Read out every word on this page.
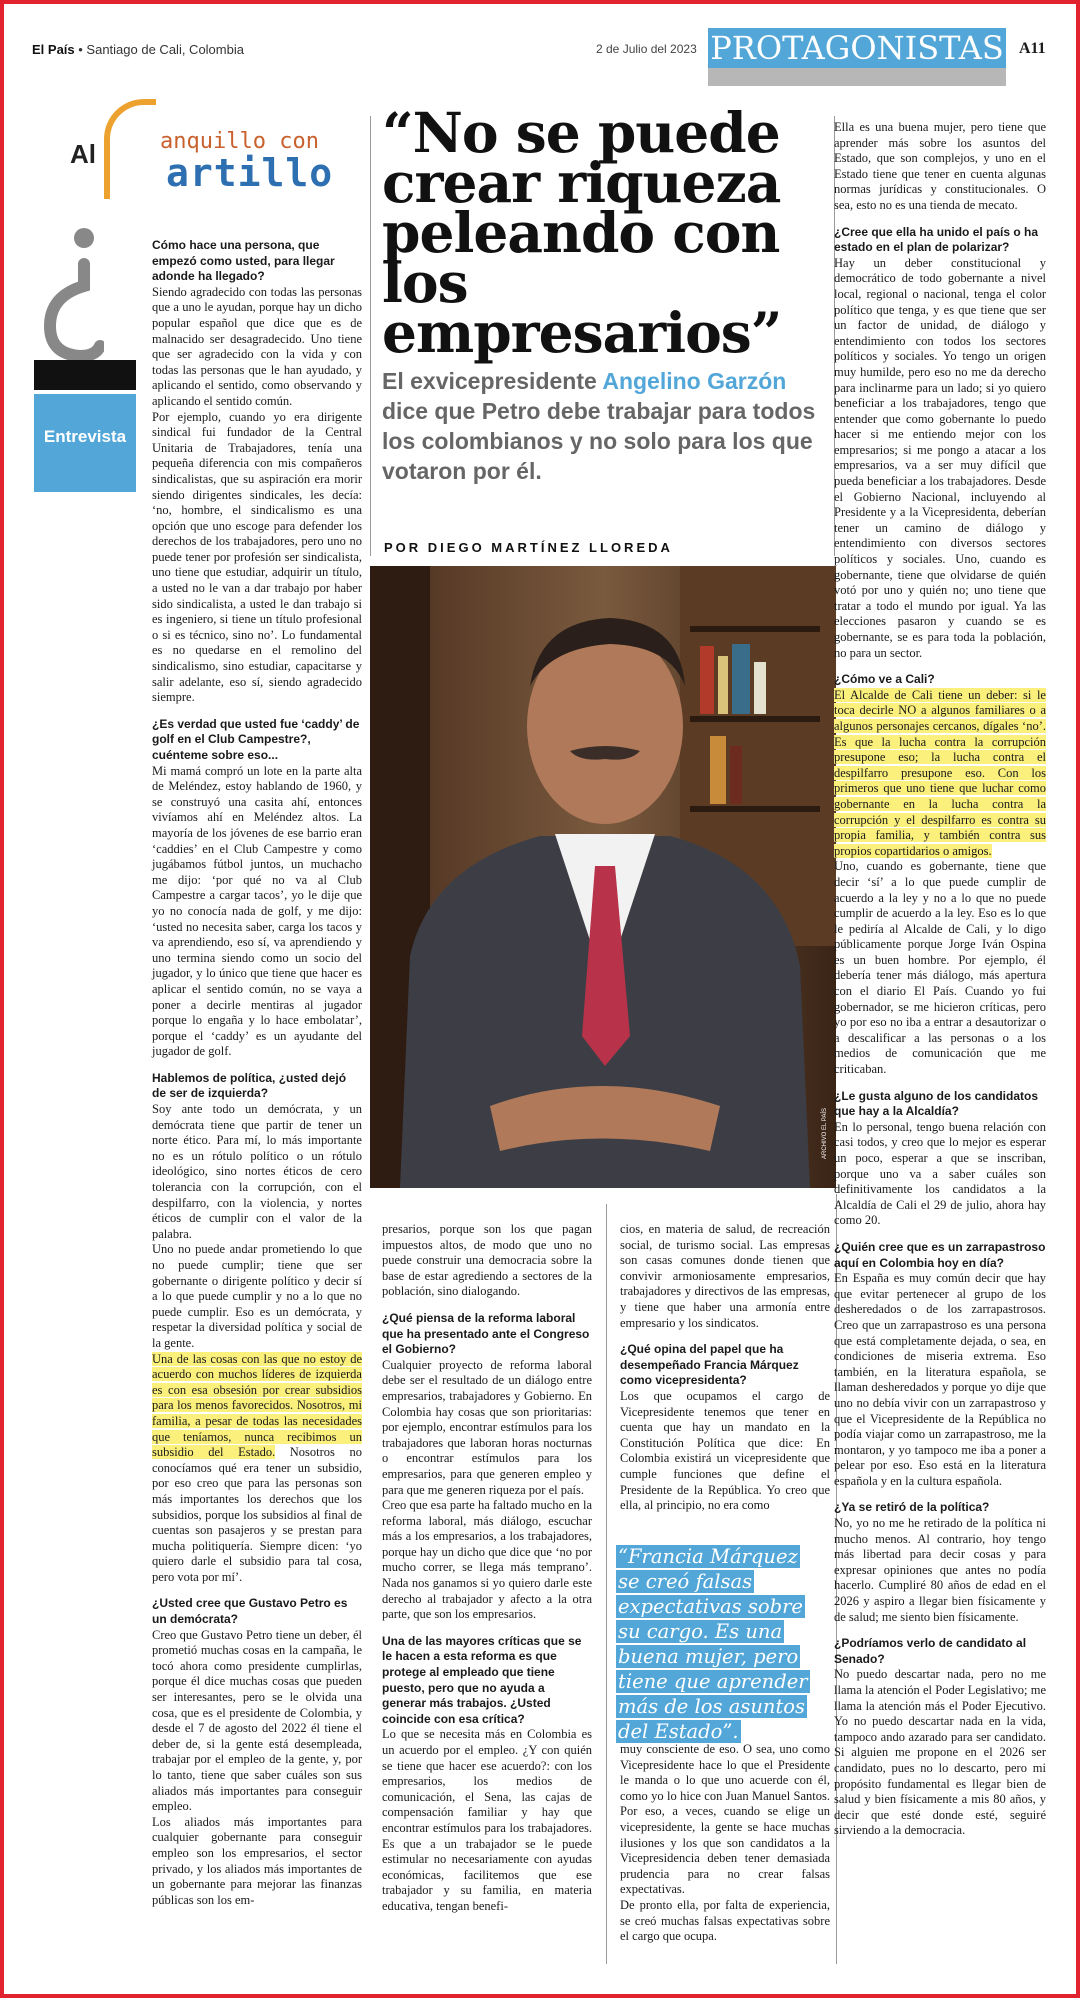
El País • Santiago de Cali, Colombia	2 de Julio del 2023 PROTAGONISTAS A11
Al	anquillo con
artillo
Entrevista
“No se puede crear riqueza peleando con los empresarios”
El exvicepresidente Angelino Garzón dice que Petro debe trabajar para todos los colombianos y no solo para los que votaron por él.
POR DIEGO MARTÍNEZ LLOREDA
ARCHIVO EL PAÍS

Cómo hace una persona, que empezó como usted, para llegar adonde ha llegado?

Siendo agradecido con todas las personas que a uno le ayudan, porque hay un dicho popular español que dice que es de malnacido ser desagradecido. Uno tiene que ser agradecido con la vida y con todas las personas que le han ayudado, y aplicando el sentido, como observando y aplicando el sentido común.

Por ejemplo, cuando yo era dirigente sindical fui fundador de la Central Unitaria de Trabajadores, tenía una pequeña diferencia con mis compañeros sindicalistas, que su aspiración era morir siendo dirigentes sindicales, les decía: ‘no, hombre, el sindicalismo es una opción que uno escoge para defender los derechos de los trabajadores, pero uno no puede tener por profesión ser sindicalista, uno tiene que estudiar, adquirir un título, a usted no le van a dar trabajo por haber sido sindicalista, a usted le dan trabajo si es ingeniero, si tiene un título profesional o si es técnico, sino no’. Lo fundamental es no quedarse en el remolino del sindicalismo, sino estudiar, capacitarse y salir adelante, eso sí, siendo agradecido siempre.

¿Es verdad que usted fue ‘caddy’ de golf en el Club Campestre?, cuénteme sobre eso...

Mi mamá compró un lote en la parte alta de Meléndez, estoy hablando de 1960, y se construyó una casita ahí, entonces vivíamos ahí en Meléndez altos. La mayoría de los jóvenes de ese barrio eran ‘caddies’ en el Club Campestre y como jugábamos fútbol juntos, un muchacho me dijo: ‘por qué no va al Club Campestre a cargar tacos’, yo le dije que yo no conocía nada de golf, y me dijo: ‘usted no necesita saber, carga los tacos y va aprendiendo, eso sí, va aprendiendo y uno termina siendo como un socio del jugador, y lo único que tiene que hacer es aplicar el sentido común, no se vaya a poner a decirle mentiras al jugador porque lo engaña y lo hace embolatar’, porque el ‘caddy’ es un ayudante del jugador de golf.

Hablemos de política, ¿usted dejó de ser de izquierda?

Soy ante todo un demócrata, y un demócrata tiene que partir de tener un norte ético. Para mí, lo más importante no es un rótulo político o un rótulo ideológico, sino nortes éticos de cero tolerancia con la corrupción, con el despilfarro, con la violencia, y nortes éticos de cumplir con el valor de la palabra.

Uno no puede andar prometiendo lo que no puede cumplir; tiene que ser gobernante o dirigente político y decir sí a lo que puede cumplir y no a lo que no puede cumplir. Eso es un demócrata, y respetar la diversidad política y social de la gente.

Una de las cosas con las que no estoy de acuerdo con muchos líderes de izquierda es con esa obsesión por crear subsidios para los menos favorecidos. Nosotros, mi familia, a pesar de todas las necesidades que teníamos, nunca recibimos un subsidio del Estado. Nosotros no conocíamos qué era tener un subsidio, por eso creo que para las personas son más importantes los derechos que los subsidios, porque los subsidios al final de cuentas son pasajeros y se prestan para mucha politiquería. Siempre dicen: ‘yo quiero darle el subsidio para tal cosa, pero vota por mí’.

¿Usted cree que Gustavo Petro es un demócrata?

Creo que Gustavo Petro tiene un deber, él prometió muchas cosas en la campaña, le tocó ahora como presidente cumplirlas, porque él dice muchas cosas que pueden ser interesantes, pero se le olvida una cosa, que es el presidente de Colombia, y desde el 7 de agosto del 2022 él tiene el deber de, si la gente está desempleada, trabajar por el empleo de la gente, y, por lo tanto, tiene que saber cuáles son sus aliados más importantes para conseguir empleo.

Los aliados más importantes para cualquier gobernante para conseguir empleo son los empresarios, el sector privado, y los aliados más importantes de un gobernante para mejorar las finanzas públicas son los em-

presarios, porque son los que pagan impuestos altos, de modo que uno no puede construir una democracia sobre la base de estar agrediendo a sectores de la población, sino dialogando.

¿Qué piensa de la reforma laboral que ha presentado ante el Congreso el Gobierno?

Cualquier proyecto de reforma laboral debe ser el resultado de un diálogo entre empresarios, trabajadores y Gobierno. En Colombia hay cosas que son prioritarias: por ejemplo, encontrar estímulos para los trabajadores que laboran horas nocturnas o encontrar estímulos para los empresarios, para que generen empleo y para que me generen riqueza por el país.

Creo que esa parte ha faltado mucho en la reforma laboral, más diálogo, escuchar más a los empresarios, a los trabajadores, porque hay un dicho que dice que ‘no por mucho correr, se llega más temprano’. Nada nos ganamos si yo quiero darle este derecho al trabajador y afecto a la otra parte, que son los empresarios.

Una de las mayores críticas que se le hacen a esta reforma es que protege al empleado que tiene puesto, pero que no ayuda a generar más trabajos. ¿Usted coincide con esa crítica?

Lo que se necesita más en Colombia es un acuerdo por el empleo. ¿Y con quién se tiene que hacer ese acuerdo?: con los empresarios, los medios de comunicación, el Sena, las cajas de compensación familiar y hay que encontrar estímulos para los trabajadores. Es que a un trabajador se le puede estimular no necesariamente con ayudas económicas, facilitemos que ese trabajador y su familia, en materia educativa, tengan benefi-

cios, en materia de salud, de recreación social, de turismo social. Las empresas son casas comunes donde tienen que convivir armoniosamente empresarios, trabajadores y directivos de las empresas, y tiene que haber una armonía entre empresario y los sindicatos.

¿Qué opina del papel que ha desempeñado Francia Márquez como vicepresidenta?

Los que ocupamos el cargo de Vicepresidente tenemos que tener en cuenta que hay un mandato en la Constitución Política que dice: En Colombia existirá un vicepresidente que cumple funciones que define el Presidente de la República. Yo creo que ella, al principio, no era como

“Francia Márquez se creó falsas expectativas sobre su cargo. Es una buena mujer, pero tiene que aprender más de los asuntos del Estado”.

muy consciente de eso. O sea, uno como Vicepresidente hace lo que el Presidente le manda o lo que uno acuerde con él, como yo lo hice con Juan Manuel Santos. Por eso, a veces, cuando se elige un vicepresidente, la gente se hace muchas ilusiones y los que son candidatos a la Vicepresidencia deben tener demasiada prudencia para no crear falsas expectativas.

De pronto ella, por falta de experiencia, se creó muchas falsas expectativas sobre el cargo que ocupa.

Ella es una buena mujer, pero tiene que aprender más sobre los asuntos del Estado, que son complejos, y uno en el Estado tiene que tener en cuenta algunas normas jurídicas y constitucionales. O sea, esto no es una tienda de mecato.

¿Cree que ella ha unido el país o ha estado en el plan de polarizar?

Hay un deber constitucional y democrático de todo gobernante a nivel local, regional o nacional, tenga el color político que tenga, y es que tiene que ser un factor de unidad, de diálogo y entendimiento con todos los sectores políticos y sociales. Yo tengo un origen muy humilde, pero eso no me da derecho para inclinarme para un lado; si yo quiero beneficiar a los trabajadores, tengo que entender que como gobernante lo puedo hacer si me entiendo mejor con los empresarios; si me pongo a atacar a los empresarios, va a ser muy difícil que pueda beneficiar a los trabajadores. Desde el Gobierno Nacional, incluyendo al Presidente y a la Vicepresidenta, deberían tener un camino de diálogo y entendimiento con diversos sectores políticos y sociales. Uno, cuando es gobernante, tiene que olvidarse de quién votó por uno y quién no; uno tiene que tratar a todo el mundo por igual. Ya las elecciones pasaron y cuando se es gobernante, se es para toda la población, no para un sector.

¿Cómo ve a Cali?

El Alcalde de Cali tiene un deber: si le toca decirle NO a algunos familiares o a algunos personajes cercanos, dígales ‘no’. Es que la lucha contra la corrupción presupone eso; la lucha contra el despilfarro presupone eso. Con los primeros que uno tiene que luchar como gobernante en la lucha contra la corrupción y el despilfarro es contra su propia familia, y también contra sus propios copartidarios o amigos.

Uno, cuando es gobernante, tiene que decir ‘sí’ a lo que puede cumplir de acuerdo a la ley y no a lo que no puede cumplir de acuerdo a la ley. Eso es lo que le pediría al Alcalde de Cali, y lo digo públicamente porque Jorge Iván Ospina es un buen hombre. Por ejemplo, él debería tener más diálogo, más apertura con el diario El País. Cuando yo fui gobernador, se me hicieron críticas, pero yo por eso no iba a entrar a desautorizar o a descalificar a las personas o a los medios de comunicación que me criticaban.

¿Le gusta alguno de los candidatos que hay a la Alcaldía?

En lo personal, tengo buena relación con casi todos, y creo que lo mejor es esperar un poco, esperar a que se inscriban, porque uno va a saber cuáles son definitivamente los candidatos a la Alcaldía de Cali el 29 de julio, ahora hay como 20.

¿Quién cree que es un zarrapastroso aquí en Colombia hoy en día?

En España es muy común decir que hay que evitar pertenecer al grupo de los desheredados o de los zarrapastrosos. Creo que un zarrapastroso es una persona que está completamente dejada, o sea, en condiciones de miseria extrema. Eso también, en la literatura española, se llaman desheredados y porque yo dije que uno no debía vivir con un zarrapastroso y que el Vicepresidente de la República no podía viajar como un zarrapastroso, me la montaron, y yo tampoco me iba a poner a pelear por eso. Eso está en la literatura española y en la cultura española.

¿Ya se retiró de la política?

No, yo no me he retirado de la política ni mucho menos. Al contrario, hoy tengo más libertad para decir cosas y para expresar opiniones que antes no podía hacerlo. Cumpliré 80 años de edad en el 2026 y aspiro a llegar bien físicamente y de salud; me siento bien físicamente.

¿Podríamos verlo de candidato al Senado?

No puedo descartar nada, pero no me llama la atención el Poder Legislativo; me llama la atención más el Poder Ejecutivo. Yo no puedo descartar nada en la vida, tampoco ando azarado para ser candidato. Si alguien me propone en el 2026 ser candidato, pues no lo descarto, pero mi propósito fundamental es llegar bien de salud y bien físicamente a mis 80 años, y decir que esté donde esté, seguiré sirviendo a la democracia.
